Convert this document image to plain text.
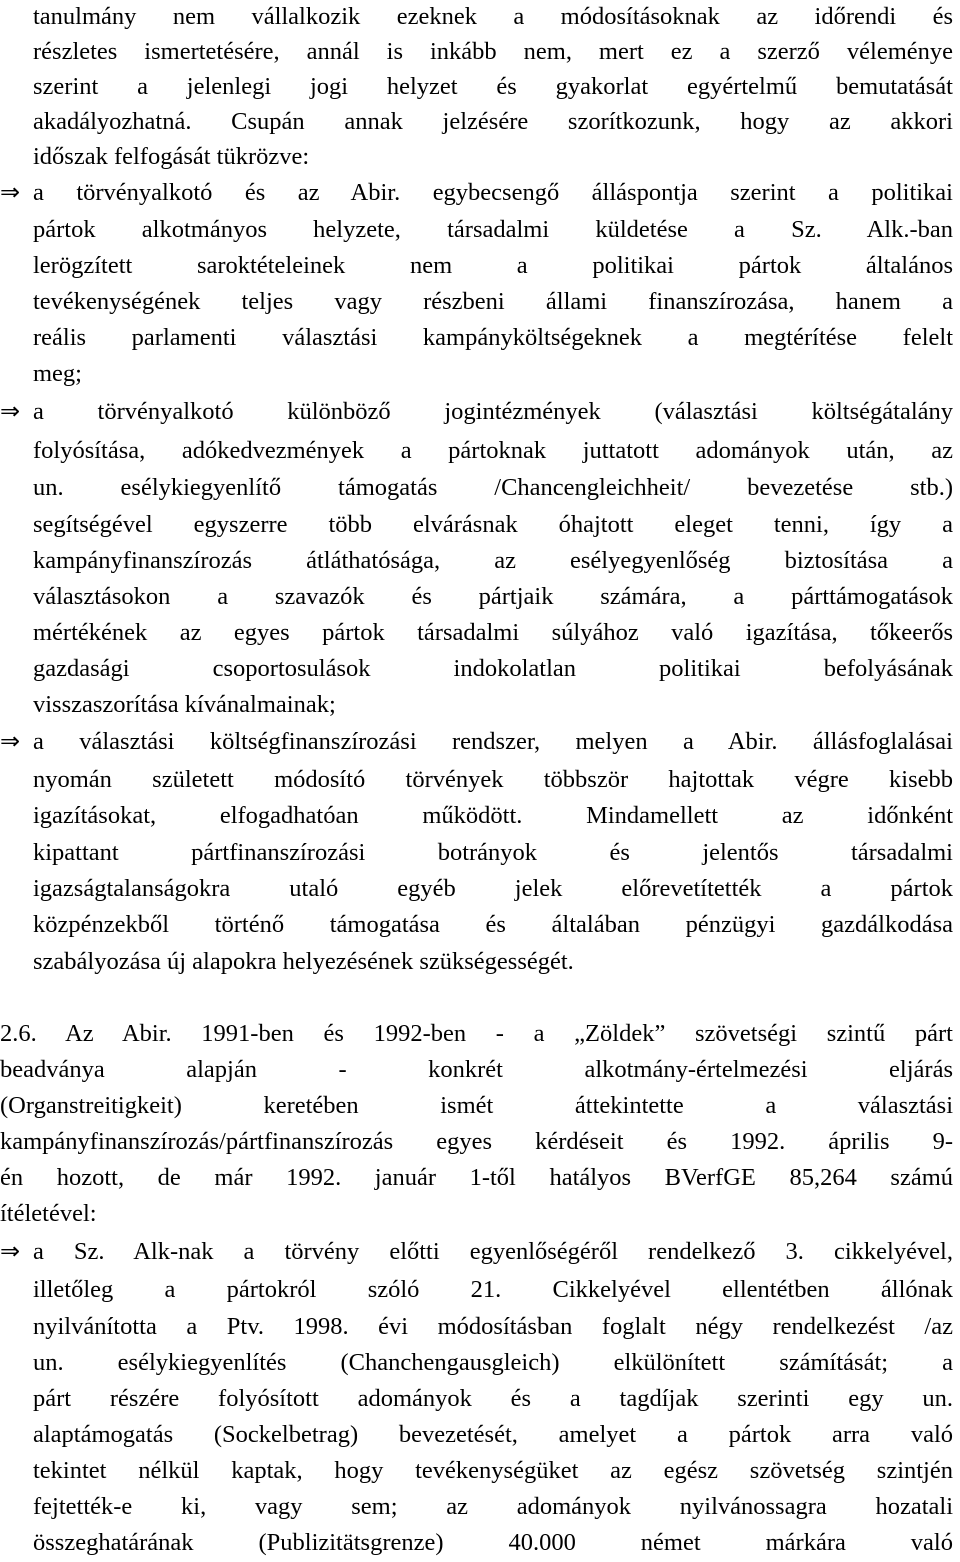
tanulmány nem vállalkozik ezeknek a módosításoknak az időrendi és
részletes ismertetésére, annál is inkább nem, mert ez a szerző véleménye
szerint a jelenlegi jogi helyzet és gyakorlat egyértelmű bemutatását
akadályozhatná. Csupán annak jelzésére szorítkozunk, hogy az akkori
időszak felfogását tükrözve:
⇒ a törvényalkotó és az Abir. egybecsengő álláspontja szerint a politikai
pártok alkotmányos helyzete, társadalmi küldetése a Sz. Alk.-ban
lerögzített saroktételeinek nem a politikai pártok általános
tevékenységének teljes vagy részbeni állami finanszírozása, hanem a
reális parlamenti választási kampányköltségeknek a megtérítése felelt
meg;
⇒ a törvényalkotó különböző jogintézmények (választási költségátalány
folyósítása, adókedvezmények a pártoknak juttatott adományok után, az
un. esélykiegyenlítő támogatás /Chancengleichheit/ bevezetése stb.)
segítségével egyszerre több elvárásnak óhajtott eleget tenni, így a
kampányfinanszírozás átláthatósága, az esélyegyenlőség biztosítása a
választásokon a szavazók és pártjaik számára, a párttámogatások
mértékének az egyes pártok társadalmi súlyához való igazítása, tőkeerős
gazdasági csoportosulások indokolatlan politikai befolyásának
visszaszorítása kívánalmainak;
⇒ a választási költségfinanszírozási rendszer, melyen a Abir. állásfoglalásai
nyomán született módosító törvények többször hajtottak végre kisebb
igazításokat, elfogadhatóan működött. Mindamellett az időnként
kipattant pártfinanszírozási botrányok és jelentős társadalmi
igazságtalanságokra utaló egyéb jelek előrevetítették a pártok
közpénzekből történő támogatása és általában pénzügyi gazdálkodása
szabályozása új alapokra helyezésének szükségességét.
2.6. Az Abir. 1991-ben és 1992-ben - a „Zöldek” szövetségi szintű párt
beadványa alapján - konkrét alkotmány-értelmezési eljárás
(Organstreitigkeit) keretében ismét áttekintette a választási
kampányfinanszírozás/pártfinanszírozás egyes kérdéseit és 1992. április 9-
én hozott, de már 1992. január 1-től hatályos BVerfGE 85,264 számú
ítéletével:
⇒ a Sz. Alk-nak a törvény előtti egyenlőségéről rendelkező 3. cikkelyével,
illetőleg a pártokról szóló 21. Cikkelyével ellentétben állónak
nyilvánította a Ptv. 1998. évi módosításban foglalt négy rendelkezést /az
un. esélykiegyenlítés (Chanchengausgleich) elkülönített számítását; a
párt részére folyósított adományok és a tagdíjak szerinti egy un.
alaptámogatás (Sockelbetrag) bevezetését, amelyet a pártok arra való
tekintet nélkül kaptak, hogy tevékenységüket az egész szövetség szintjén
fejtették-e ki, vagy sem; az adományok nyilvánossagra hozatali
összeghatárának (Publizitätsgrenze) 40.000 német márkára való
